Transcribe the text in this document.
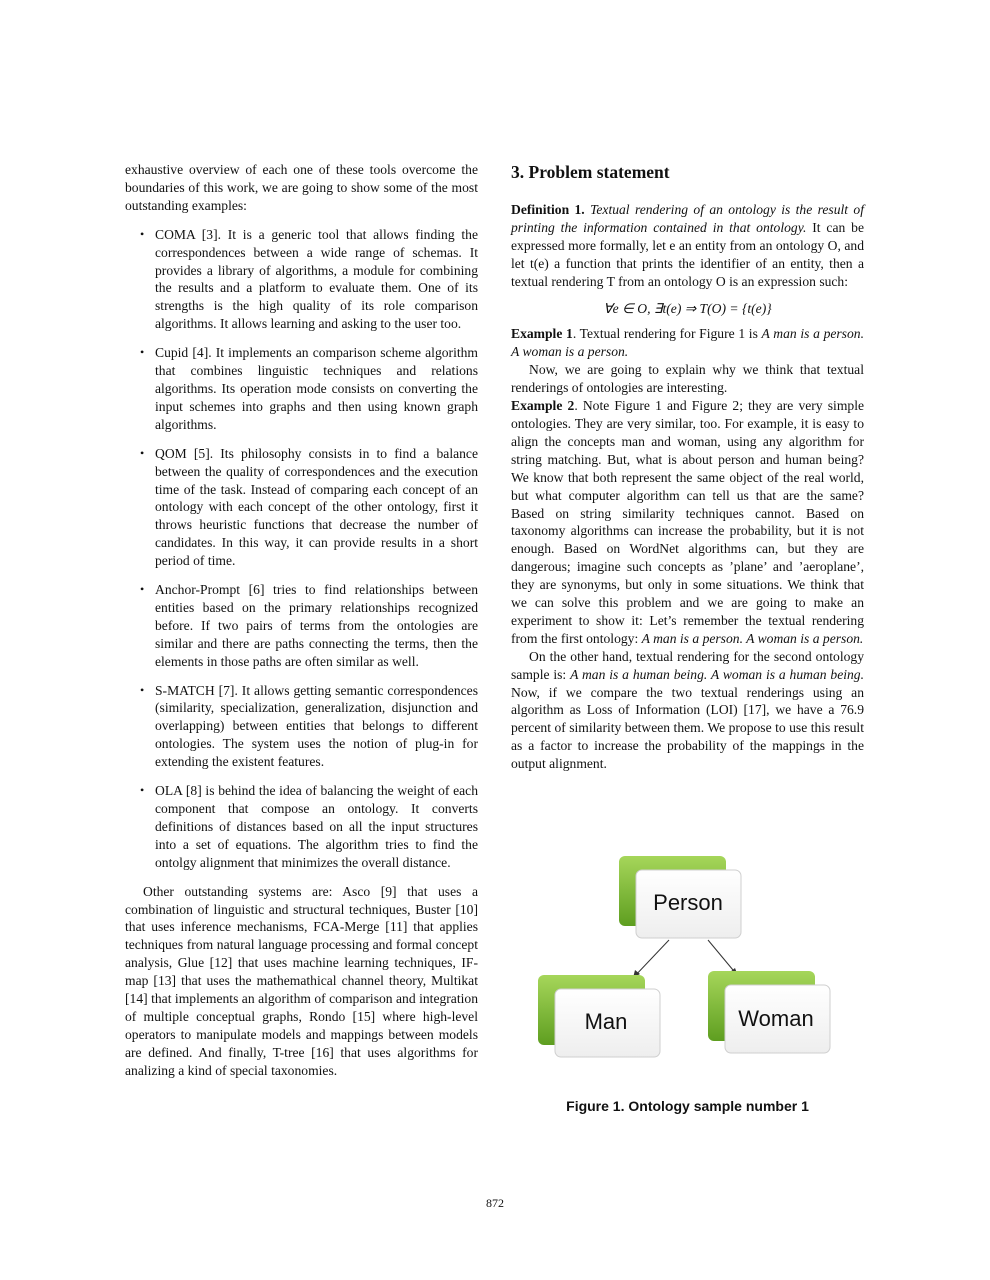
exhaustive overview of each one of these tools overcome the boundaries of this work, we are going to show some of the most outstanding examples:

• COMA [3]. It is a generic tool that allows finding the correspondences between a wide range of schemas. It provides a library of algorithms, a module for combining the results and a platform to evaluate them. One of its strengths is the high quality of its role comparison algorithms. It allows learning and asking to the user too.
• Cupid [4]. It implements an comparison scheme algorithm that combines linguistic techniques and relations algorithms. Its operation mode consists on converting the input schemes into graphs and then using known graph algorithms.
• QOM [5]. Its philosophy consists in to find a balance between the quality of correspondences and the execution time of the task. Instead of comparing each concept of an ontology with each concept of the other ontology, first it throws heuristic functions that decrease the number of candidates. In this way, it can provide results in a short period of time.
• Anchor-Prompt [6] tries to find relationships between entities based on the primary relationships recognized before. If two pairs of terms from the ontologies are similar and there are paths connecting the terms, then the elements in those paths are often similar as well.
• S-MATCH [7]. It allows getting semantic correspondences (similarity, specialization, generalization, disjunction and overlapping) between entities that belongs to different ontologies. The system uses the notion of plug-in for extending the existent features.
• OLA [8] is behind the idea of balancing the weight of each component that compose an ontology. It converts definitions of distances based on all the input structures into a set of equations. The algorithm tries to find the ontolgy alignment that minimizes the overall distance.

Other outstanding systems are: Asco [9] that uses a combination of linguistic and structural techniques, Buster [10] that uses inference mechanisms, FCA-Merge [11] that applies techniques from natural language processing and formal concept analysis, Glue [12] that uses machine learning techniques, IF-map [13] that uses the mathemathical channel theory, Multikat [14] that implements an algorithm of comparison and integration of multiple conceptual graphs, Rondo [15] where high-level operators to manipulate models and mappings between models are defined. And finally, T-tree [16] that uses algorithms for analizing a kind of special taxonomies.

3. Problem statement

Definition 1. Textual rendering of an ontology is the result of printing the information contained in that ontology. It can be expressed more formally, let e an entity from an ontology O, and let t(e) a function that prints the identifier of an entity, then a textual rendering T from an ontology O is an expression such:

∀e ∈ O, ∃t(e) ⇒ T(O) = {t(e)}

Example 1. Textual rendering for Figure 1 is A man is a person. A woman is a person.

Now, we are going to explain why we think that textual renderings of ontologies are interesting.

Example 2. Note Figure 1 and Figure 2; they are very simple ontologies. They are very similar, too. For example, it is easy to align the concepts man and woman, using any algorithm for string matching. But, what is about person and human being? We know that both represent the same object of the real world, but what computer algorithm can tell us that are the same? Based on string similarity techniques cannot. Based on taxonomy algorithms can increase the probability, but it is not enough. Based on WordNet algorithms can, but they are dangerous; imagine such concepts as ’plane’ and ’aeroplane’, they are synonyms, but only in some situations. We think that we can solve this problem and we are going to make an experiment to show it: Let’s remember the textual rendering from the first ontology: A man is a person. A woman is a person.

On the other hand, textual rendering for the second ontology sample is: A man is a human being. A woman is a human being. Now, if we compare the two textual renderings using an algorithm as Loss of Information (LOI) [17], we have a 76.9 percent of similarity between them. We propose to use this result as a factor to increase the probability of the mappings in the output alignment.

Person
Man	Woman
Figure 1. Ontology sample number 1
872
